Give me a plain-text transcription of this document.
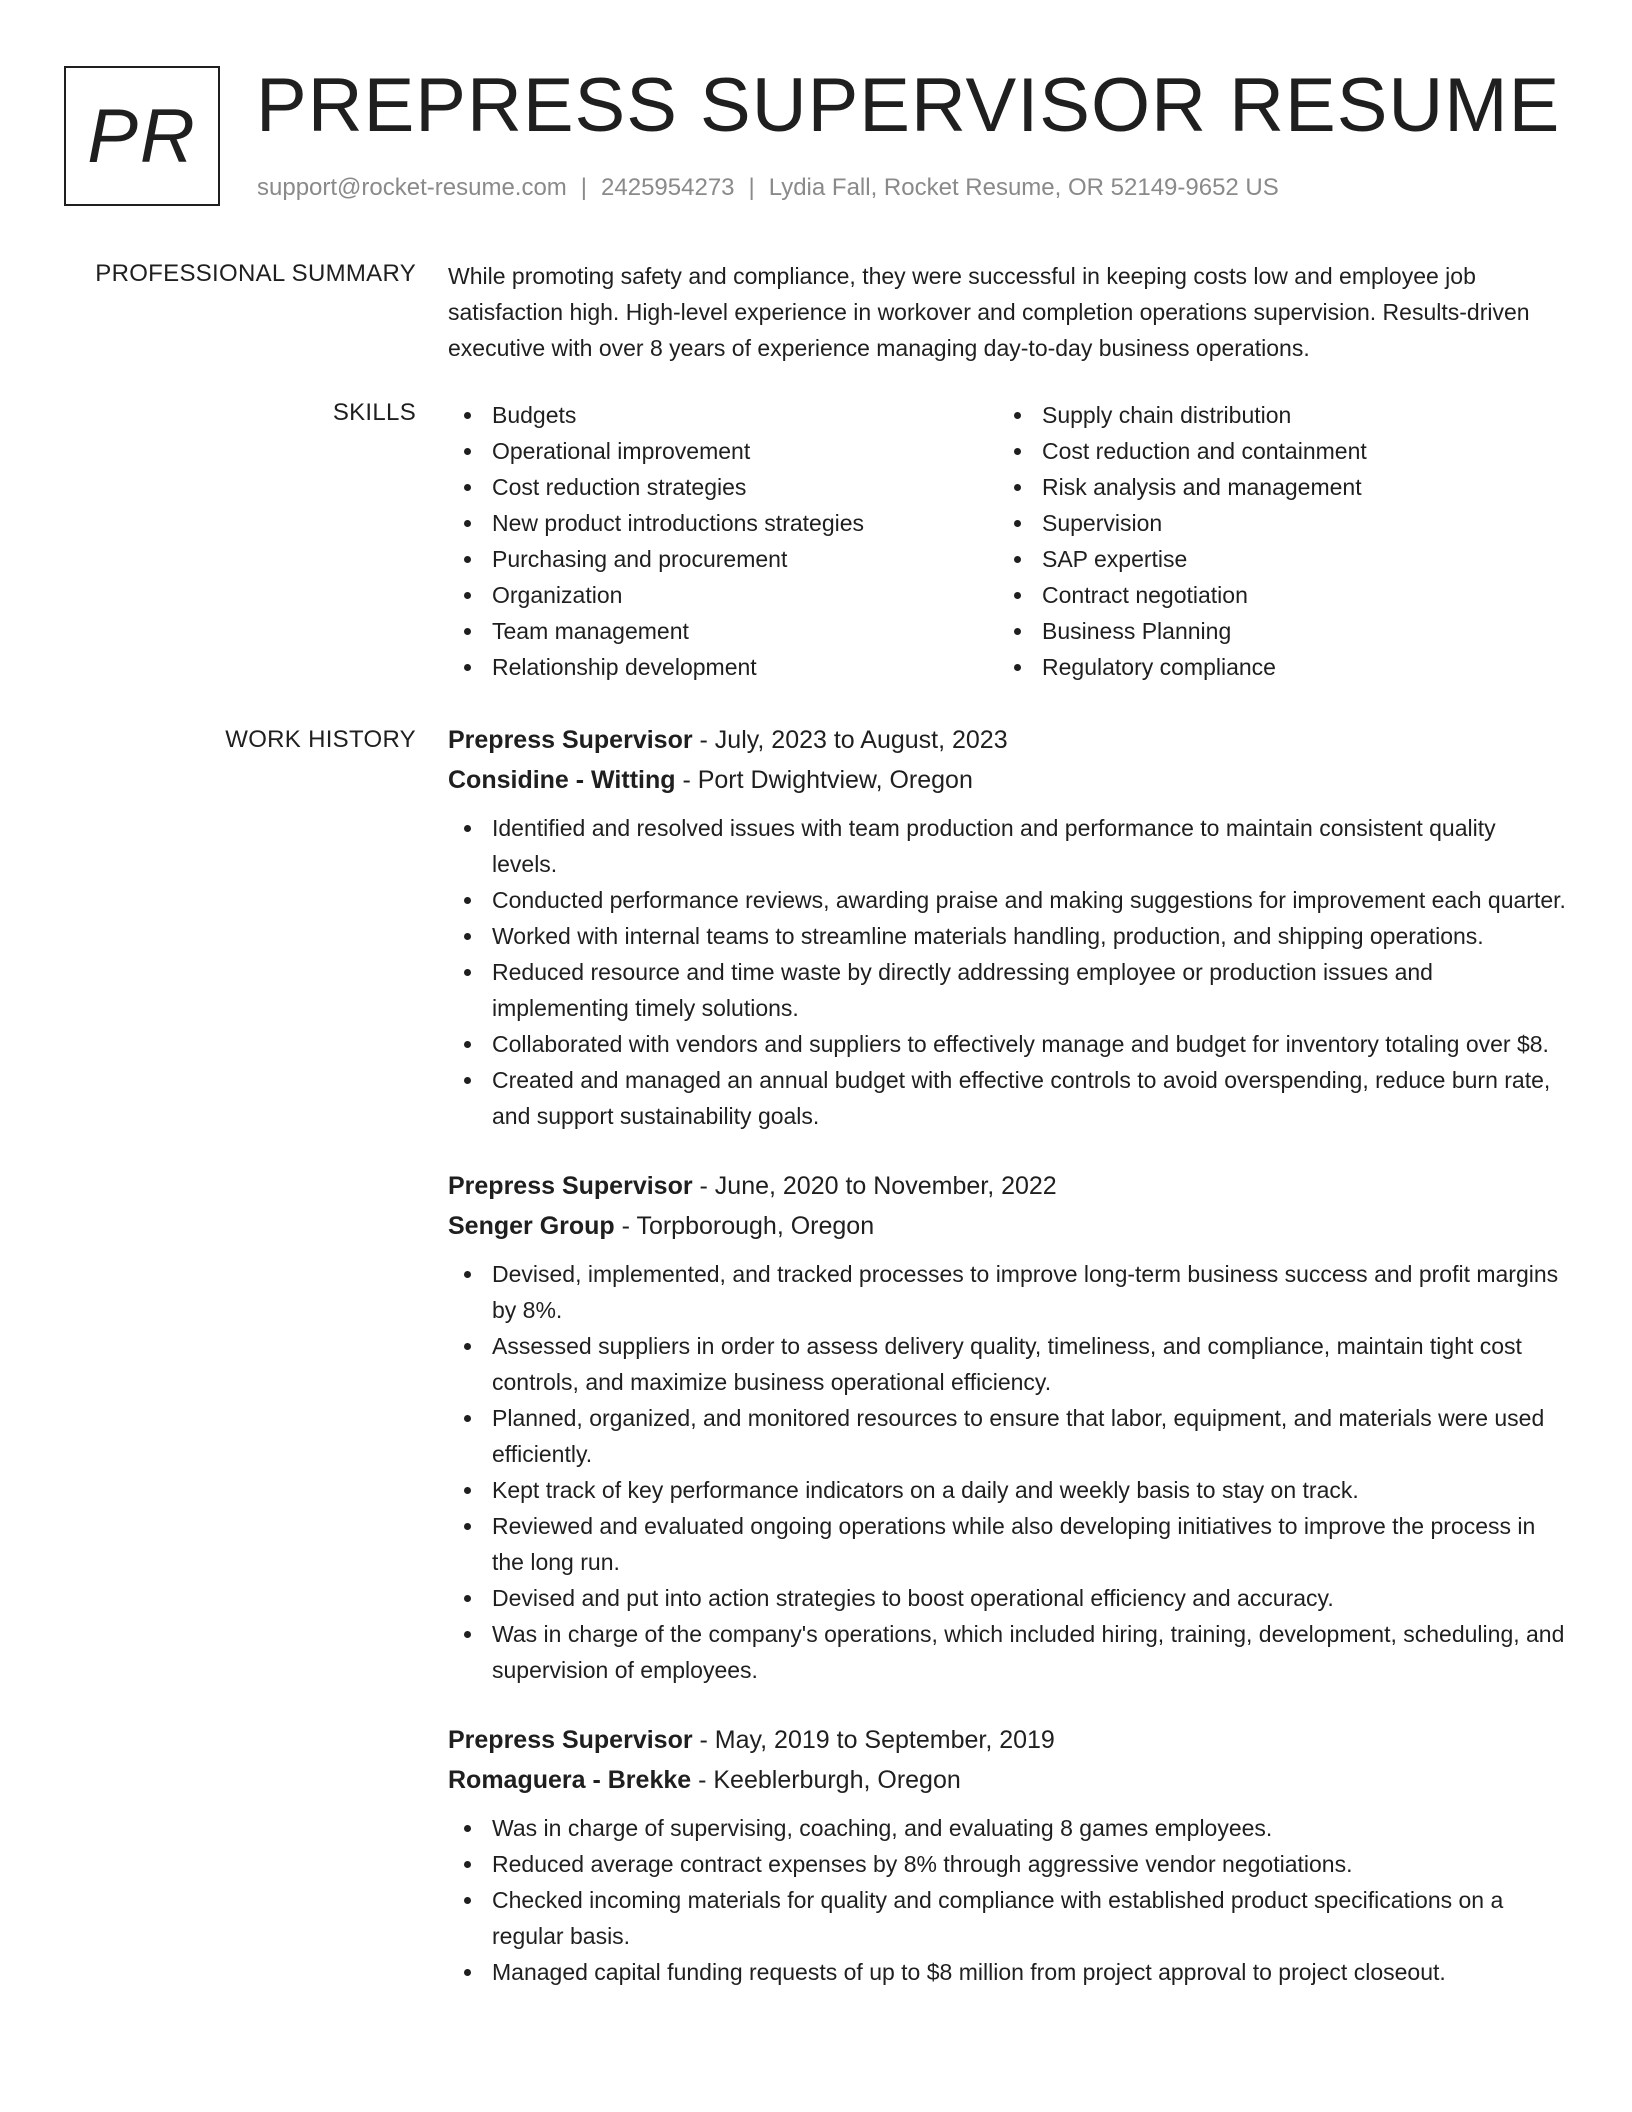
PR PREPRESS SUPERVISOR RESUME
support@rocket-resume.com | 2425954273 | Lydia Fall, Rocket Resume, OR 52149-9652 US
PROFESSIONAL SUMMARY While promoting safety and compliance, they were successful in keeping costs low and employee job satisfaction high. High-level experience in workover and completion operations supervision. Results-driven executive with over 8 years of experience managing day-to-day business operations.

SKILLS	Budgets
Operational improvement
Cost reduction strategies
New product introductions strategies
Purchasing and procurement
Organization
Team management
Relationship development
Supply chain distribution
Cost reduction and containment
Risk analysis and management
Supervision
SAP expertise
Contract negotiation
Business Planning
Regulatory compliance
WORK HISTORY Prepress Supervisor - July, 2023 to August, 2023
Considine - Witting - Port Dwightview, Oregon
Identified and resolved issues with team production and performance to maintain consistent quality levels.
Conducted performance reviews, awarding praise and making suggestions for improvement each quarter.
Worked with internal teams to streamline materials handling, production, and shipping operations.
Reduced resource and time waste by directly addressing employee or production issues and implementing timely solutions.
Collaborated with vendors and suppliers to effectively manage and budget for inventory totaling over $8.
Created and managed an annual budget with effective controls to avoid overspending, reduce burn rate, and support sustainability goals.
Prepress Supervisor - June, 2020 to November, 2022
Senger Group - Torpborough, Oregon
Devised, implemented, and tracked processes to improve long-term business success and profit margins by 8%.
Assessed suppliers in order to assess delivery quality, timeliness, and compliance, maintain tight cost controls, and maximize business operational efficiency.
Planned, organized, and monitored resources to ensure that labor, equipment, and materials were used efficiently.
Kept track of key performance indicators on a daily and weekly basis to stay on track.
Reviewed and evaluated ongoing operations while also developing initiatives to improve the process in the long run.
Devised and put into action strategies to boost operational efficiency and accuracy.
Was in charge of the company's operations, which included hiring, training, development, scheduling, and supervision of employees.
Prepress Supervisor - May, 2019 to September, 2019
Romaguera - Brekke - Keeblerburgh, Oregon
Was in charge of supervising, coaching, and evaluating 8 games employees.
Reduced average contract expenses by 8% through aggressive vendor negotiations.
Checked incoming materials for quality and compliance with established product specifications on a regular basis.
Managed capital funding requests of up to $8 million from project approval to project closeout.
